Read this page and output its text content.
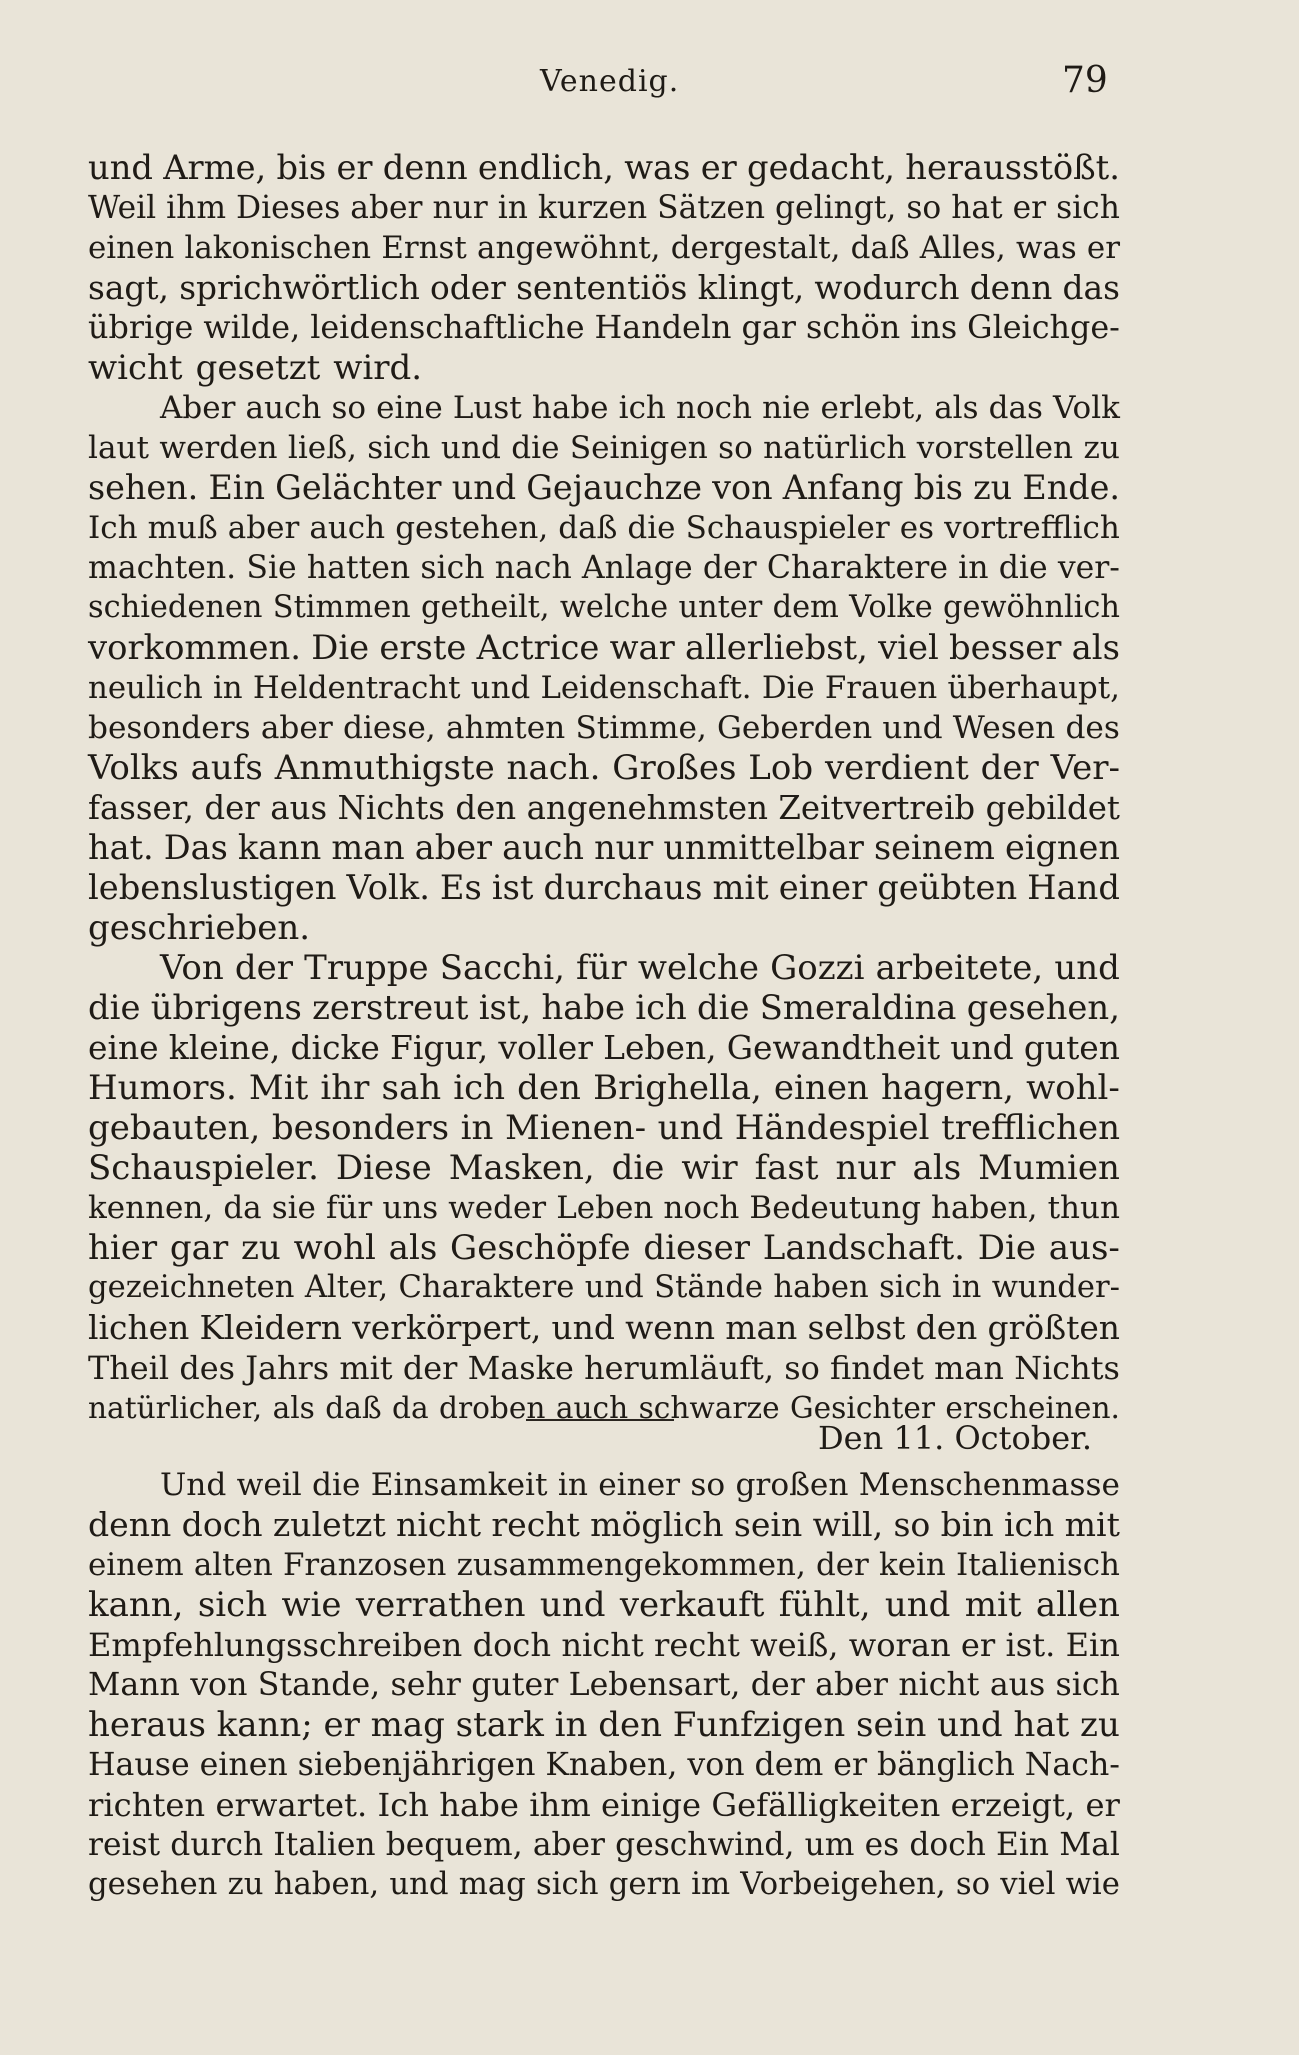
Venedig.	79
und Arme, bis er denn endlich, was er gedacht, herausstößt.
Weil ihm Dieses aber nur in kurzen Sätzen gelingt, so hat er sich
einen lakonischen Ernst angewöhnt, dergestalt, daß Alles, was er
sagt, sprichwörtlich oder sententiös klingt, wodurch denn das
übrige wilde, leidenschaftliche Handeln gar schön ins Gleichge-
wicht gesetzt wird.
Aber auch so eine Lust habe ich noch nie erlebt, als das Volk
laut werden ließ, sich und die Seinigen so natürlich vorstellen zu
sehen. Ein Gelächter und Gejauchze von Anfang bis zu Ende.
Ich muß aber auch gestehen, daß die Schauspieler es vortrefflich
machten. Sie hatten sich nach Anlage der Charaktere in die ver-
schiedenen Stimmen getheilt, welche unter dem Volke gewöhnlich
vorkommen. Die erste Actrice war allerliebst, viel besser als
neulich in Heldentracht und Leidenschaft. Die Frauen überhaupt,
besonders aber diese, ahmten Stimme, Geberden und Wesen des
Volks aufs Anmuthigste nach. Großes Lob verdient der Ver-
fasser, der aus Nichts den angenehmsten Zeitvertreib gebildet
hat. Das kann man aber auch nur unmittelbar seinem eignen
lebenslustigen Volk. Es ist durchaus mit einer geübten Hand
geschrieben.
Von der Truppe Sacchi, für welche Gozzi arbeitete, und
die übrigens zerstreut ist, habe ich die Smeraldina gesehen,
eine kleine, dicke Figur, voller Leben, Gewandtheit und guten
Humors. Mit ihr sah ich den Brighella, einen hagern, wohl-
gebauten, besonders in Mienen- und Händespiel trefflichen
Schauspieler. Diese Masken, die wir fast nur als Mumien
kennen, da sie für uns weder Leben noch Bedeutung haben, thun
hier gar zu wohl als Geschöpfe dieser Landschaft. Die aus-
gezeichneten Alter, Charaktere und Stände haben sich in wunder-
lichen Kleidern verkörpert, und wenn man selbst den größten
Theil des Jahrs mit der Maske herumläuft, so findet man Nichts
natürlicher, als daß da droben auch schwarze Gesichter erscheinen.
Den 11. October.
Und weil die Einsamkeit in einer so großen Menschenmasse
denn doch zuletzt nicht recht möglich sein will, so bin ich mit
einem alten Franzosen zusammengekommen, der kein Italienisch
kann, sich wie verrathen und verkauft fühlt, und mit allen
Empfehlungsschreiben doch nicht recht weiß, woran er ist. Ein
Mann von Stande, sehr guter Lebensart, der aber nicht aus sich
heraus kann; er mag stark in den Funfzigen sein und hat zu
Hause einen siebenjährigen Knaben, von dem er bänglich Nach-
richten erwartet. Ich habe ihm einige Gefälligkeiten erzeigt, er
reist durch Italien bequem, aber geschwind, um es doch Ein Mal
gesehen zu haben, und mag sich gern im Vorbeigehen, so viel wie
